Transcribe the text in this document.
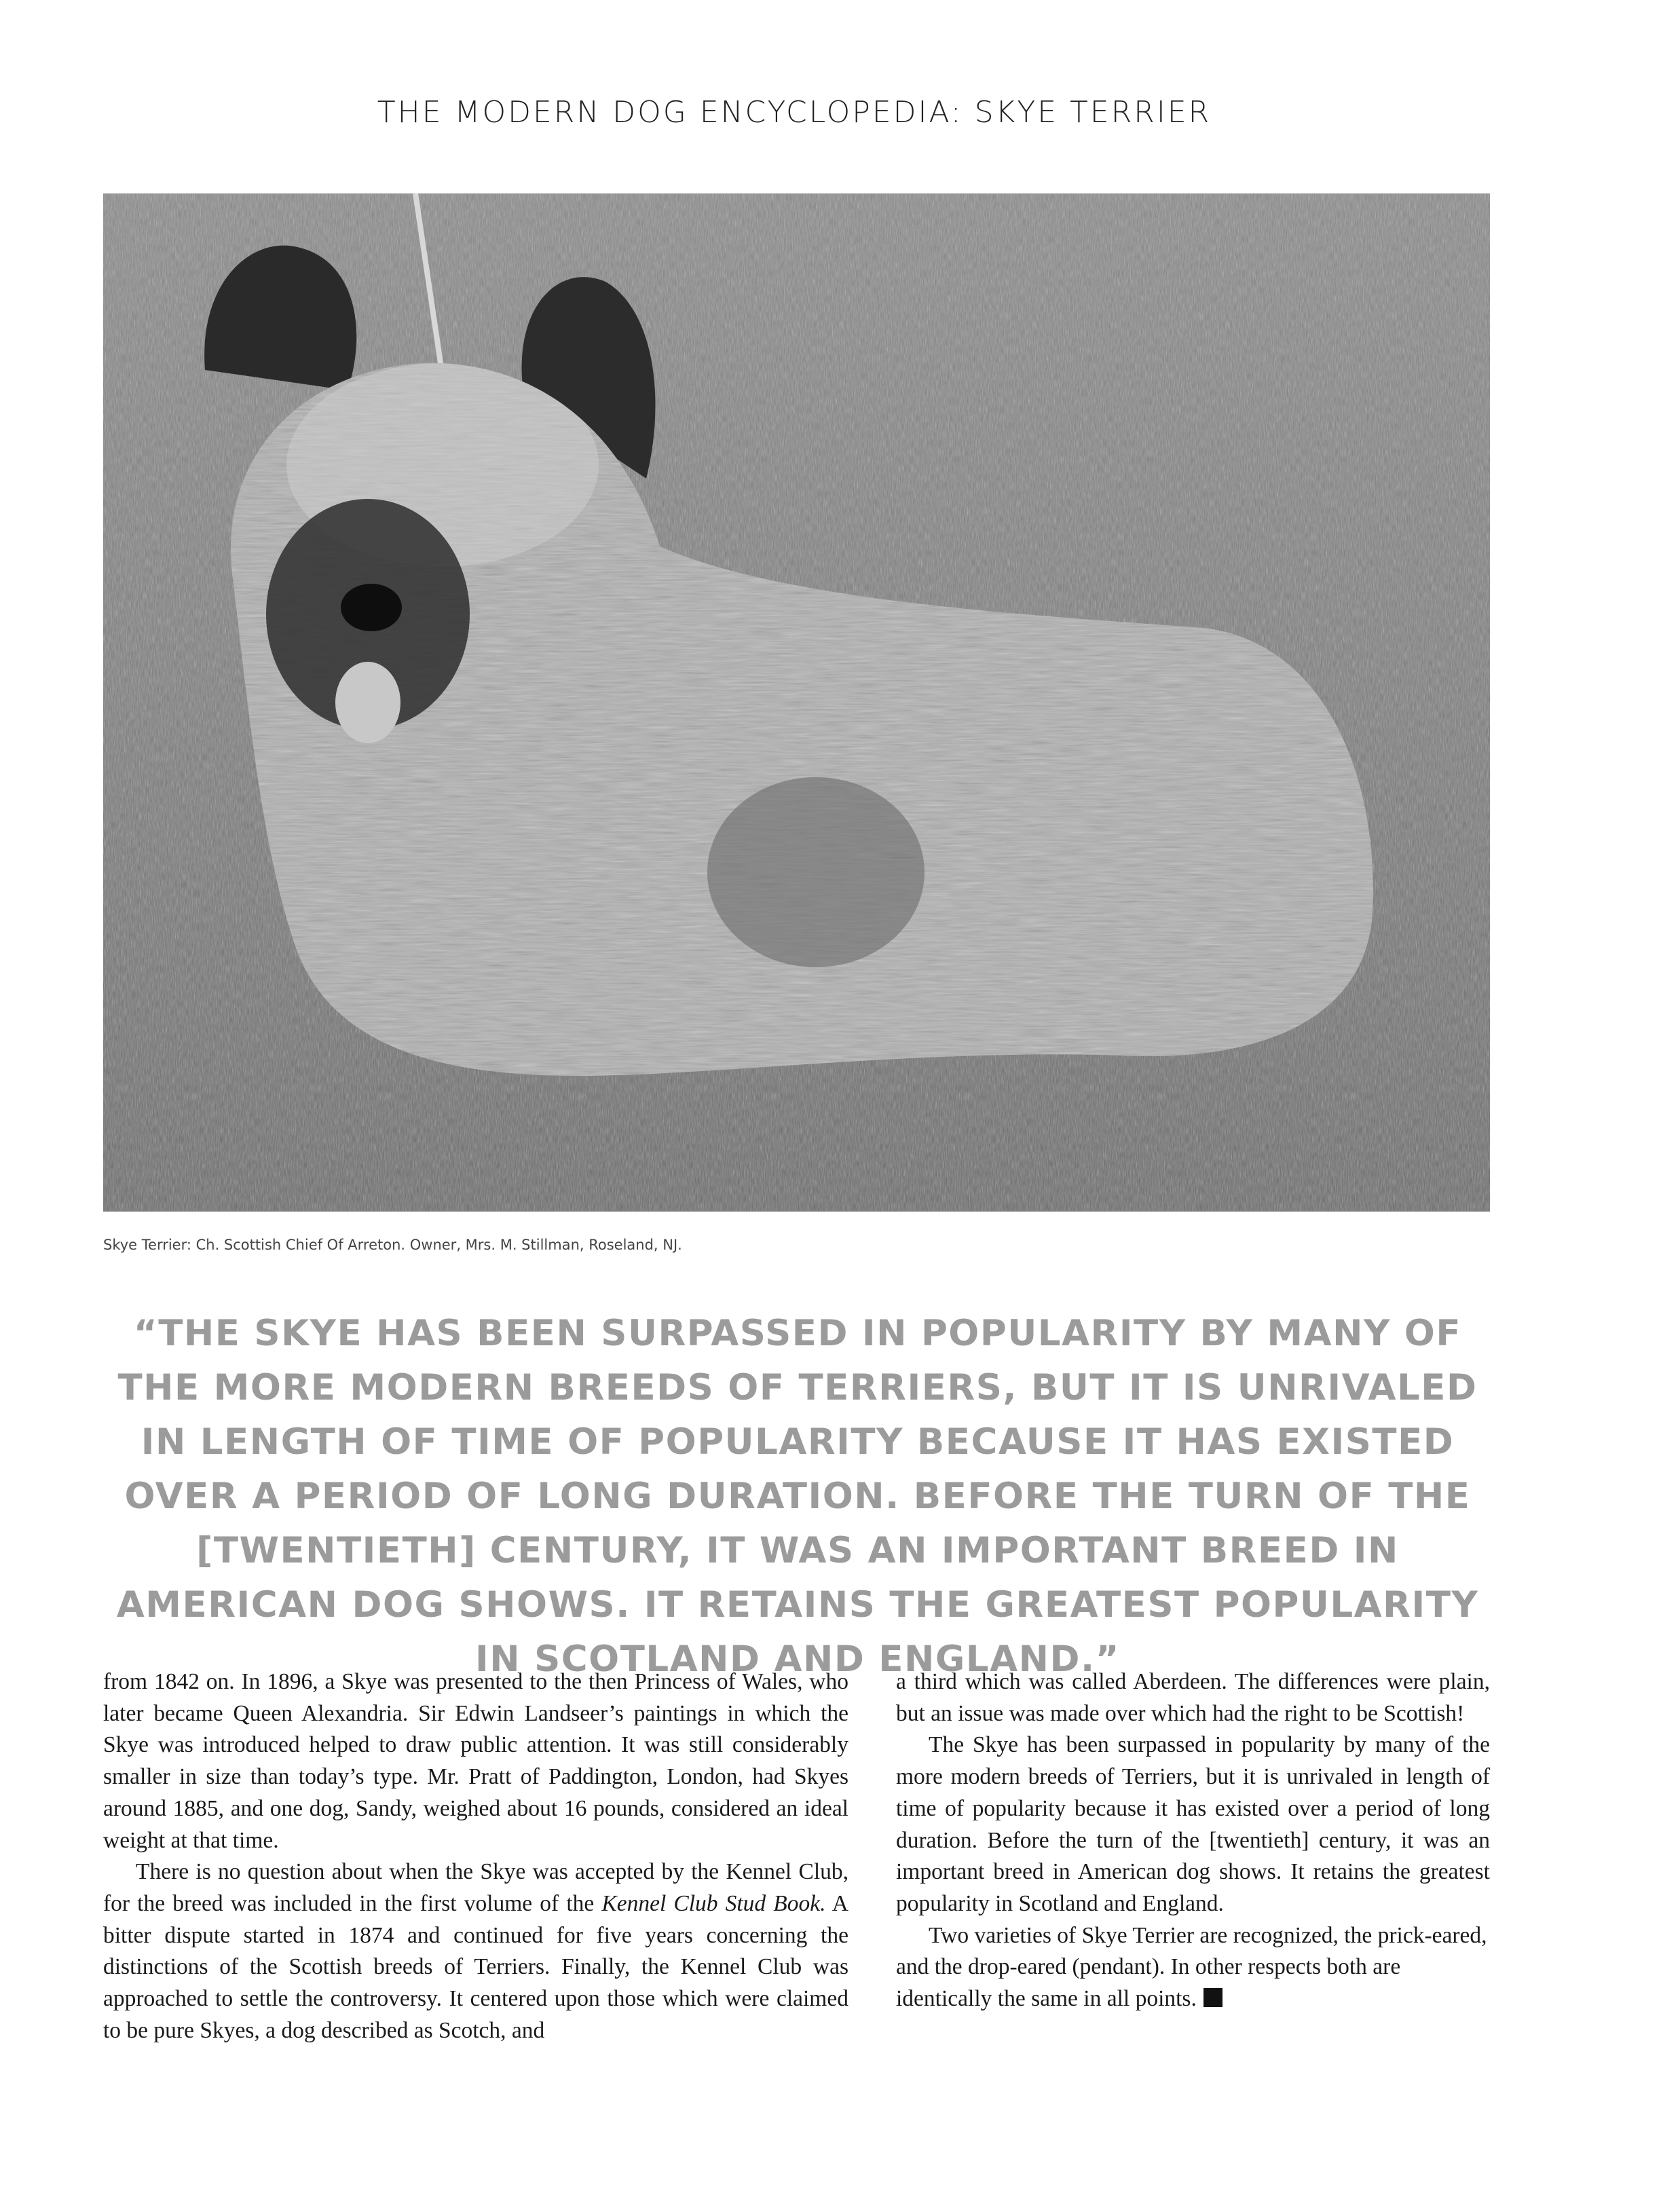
THE MODERN DOG ENCYCLOPEDIA: SKYE TERRIER
Skye Terrier: Ch. Scottish Chief Of Arreton. Owner, Mrs. M. Stillman, Roseland, NJ.
“THE SKYE HAS BEEN SURPASSED IN POPULARITY BY MANY OF THE MORE MODERN BREEDS OF TERRIERS, BUT IT IS UNRIVALED IN LENGTH OF TIME OF POPULARITY BECAUSE IT HAS EXISTED OVER A PERIOD OF LONG DURATION. BEFORE THE TURN OF THE [TWENTIETH] CENTURY, IT WAS AN IMPORTANT BREED IN AMERICAN DOG SHOWS. IT RETAINS THE GREATEST POPULARITY IN SCOTLAND AND ENGLAND.”

from 1842 on. In 1896, a Skye was presented to the then Princess of Wales, who later became Queen Alexandria. Sir Edwin Landseer’s paintings in which the Skye was introduced helped to draw public attention. It was still considerably smaller in size than today’s type. Mr. Pratt of Paddington, London, had Skyes around 1885, and one dog, Sandy, weighed about 16 pounds, considered an ideal weight at that time.

There is no question about when the Skye was accepted by the Kennel Club, for the breed was included in the first volume of the Kennel Club Stud Book. A bitter dispute started in 1874 and continued for five years concerning the distinctions of the Scottish breeds of Terriers. Finally, the Kennel Club was approached to settle the controversy. It centered upon those which were claimed to be pure Skyes, a dog described as Scotch, and

a third which was called Aberdeen. The differences were plain, but an issue was made over which had the right to be Scottish!

The Skye has been surpassed in popularity by many of the more modern breeds of Terriers, but it is unrivaled in length of time of popularity because it has existed over a period of long duration. Before the turn of the [twentieth] century, it was an important breed in American dog shows. It retains the greatest popularity in Scotland and England.

Two varieties of Skye Terrier are recognized, the prick-eared, and the drop-eared (pendant). In other respects both are identically the same in all points.
